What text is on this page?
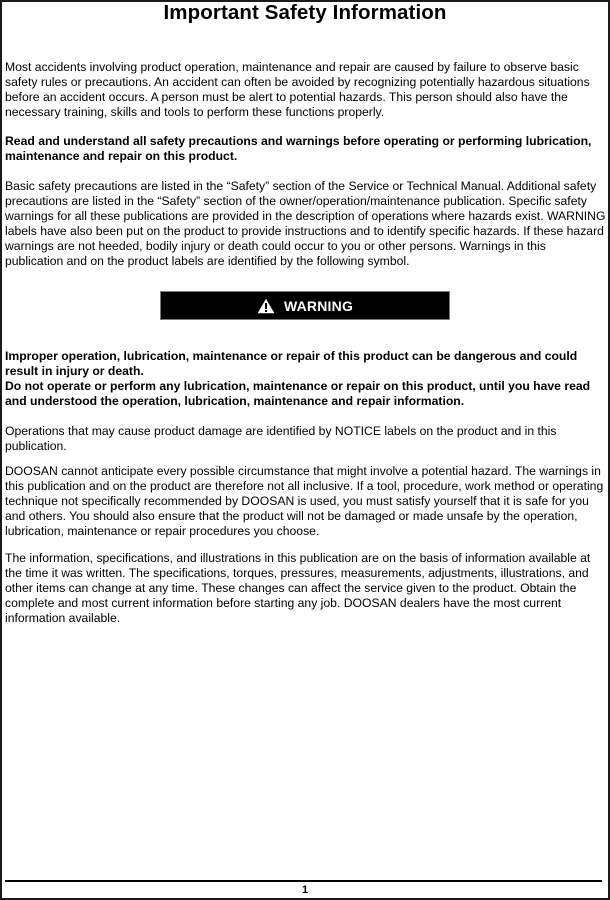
Important Safety Information

Most accidents involving product operation, maintenance and repair are caused by failure to observe basic safety rules or precautions. An accident can often be avoided by recognizing potentially hazardous situations before an accident occurs. A person must be alert to potential hazards. This person should also have the necessary training, skills and tools to perform these functions properly.

Read and understand all safety precautions and warnings before operating or performing lubrication, maintenance and repair on this product.

Basic safety precautions are listed in the “Safety” section of the Service or Technical Manual. Additional safety precautions are listed in the “Safety” section of the owner/operation/maintenance publication. Specific safety warnings for all these publications are provided in the description of operations where hazards exist. WARNING labels have also been put on the product to provide instructions and to identify specific hazards. If these hazard warnings are not heeded, bodily injury or death could occur to you or other persons. Warnings in this publication and on the product labels are identified by the following symbol.

WARNING

Improper operation, lubrication, maintenance or repair of this product can be dangerous and could result in injury or death.

Do not operate or perform any lubrication, maintenance or repair on this product, until you have read and understood the operation, lubrication, maintenance and repair information.

Operations that may cause product damage are identified by NOTICE labels on the product and in this publication.

DOOSAN cannot anticipate every possible circumstance that might involve a potential hazard. The warnings in this publication and on the product are therefore not all inclusive. If a tool, procedure, work method or operating technique not specifically recommended by DOOSAN is used, you must satisfy yourself that it is safe for you and others. You should also ensure that the product will not be damaged or made unsafe by the operation, lubrication, maintenance or repair procedures you choose.

The information, specifications, and illustrations in this publication are on the basis of information available at the time it was written. The specifications, torques, pressures, measurements, adjustments, illustrations, and other items can change at any time. These changes can affect the service given to the product. Obtain the complete and most current information before starting any job. DOOSAN dealers have the most current information available.

1
